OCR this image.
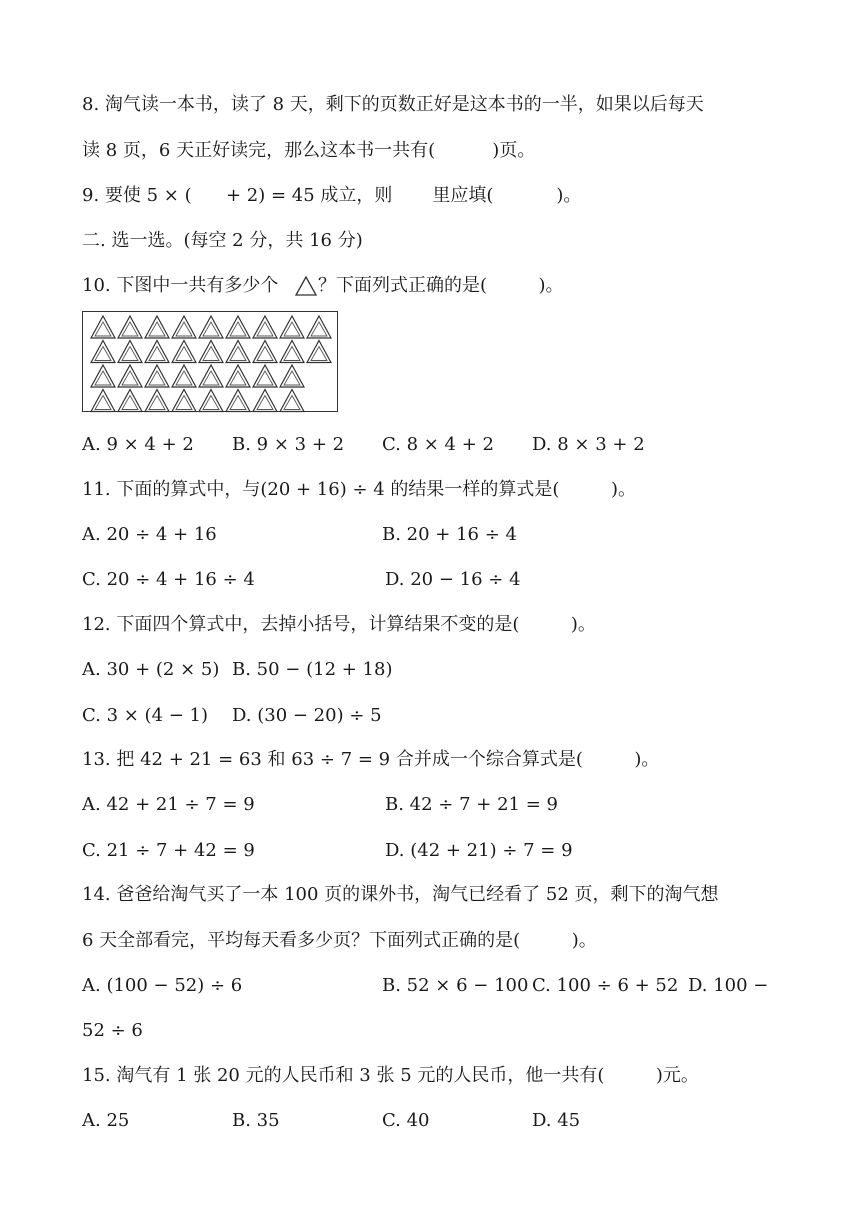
8. 淘气读一本书，读了 8 天，剩下的页数正好是这本书的一半，如果以后每天
读 8 页，6 天正好读完，那么这本书一共有(          )页。
9. 要使 5 × (      + 2) = 45 成立，则       里应填(           )。
二. 选一选。(每空 2 分，共 16 分)
10. 下图中一共有多少个 ？下面列式正确的是(         )。
A. 9 × 4 + 2 B. 9 × 3 + 2 C. 8 × 4 + 2 D. 8 × 3 + 2
11. 下面的算式中，与(20 + 16) ÷ 4 的结果一样的算式是(         )。
A. 20 ÷ 4 + 16	B. 20 + 16 ÷ 4
C. 20 ÷ 4 + 16 ÷ 4	D. 20 − 16 ÷ 4
12. 下面四个算式中，去掉小括号，计算结果不变的是(         )。
A. 30 + (2 × 5) B. 50 − (12 + 18)
C. 3 × (4 − 1) D. (30 − 20) ÷ 5
13. 把 42 + 21 = 63 和 63 ÷ 7 = 9 合并成一个综合算式是(         )。
A. 42 + 21 ÷ 7 = 9	B. 42 ÷ 7 + 21 = 9
C. 21 ÷ 7 + 42 = 9	D. (42 + 21) ÷ 7 = 9
14. 爸爸给淘气买了一本 100 页的课外书，淘气已经看了 52 页，剩下的淘气想
6 天全部看完，平均每天看多少页？下面列式正确的是(         )。
A. (100 − 52) ÷ 6	B. 52 × 6 − 100 C. 100 ÷ 6 + 52 D. 100 −
52 ÷ 6
15. 淘气有 1 张 20 元的人民币和 3 张 5 元的人民币，他一共有(         )元。
A. 25	B. 35	C. 40	D. 45
